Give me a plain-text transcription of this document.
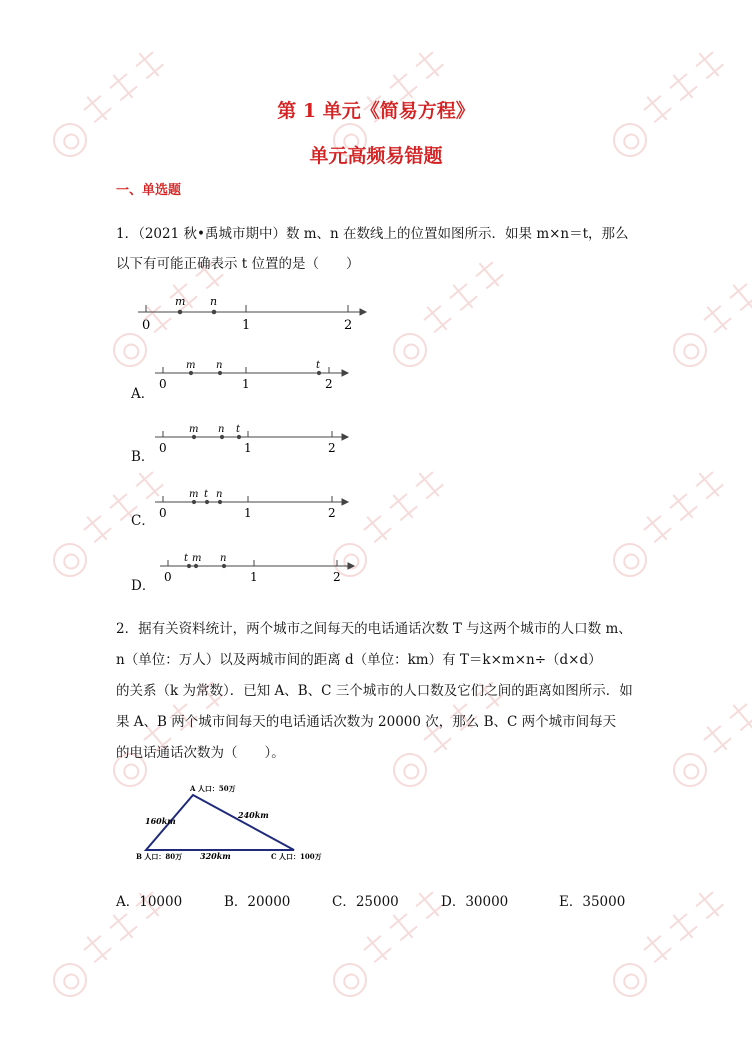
第 1 单元《简易方程》
单元高频易错题
一、单选题
1．（2021 秋•禹城市期中）数 m、n 在数线上的位置如图所示．如果 m×n＝t，那么
以下有可能正确表示 t 位置的是（　　）
0	1	2
m n
0	1	2
m n	t
0	1	2
m n t
0	1	2
m t n
0	1	2
t m n
A．
B．
C．
D．
2．据有关资料统计，两个城市之间每天的电话通话次数 T 与这两个城市的人口数 m、
n（单位：万人）以及两城市间的距离 d（单位：km）有 T＝k×m×n÷（d×d）
的关系（k 为常数）．已知 A、B、C 三个城市的人口数及它们之间的距离如图所示．如
果 A、B 两个城市间每天的电话通话次数为 20000 次，那么 B、C 两个城市间每天
的电话通话次数为（　　）。
A 人口：50万
B 人口：80万	C 人口：100万
160km
240km
320km
A．10000	B．20000	C．25000	D．30000	E．35000
